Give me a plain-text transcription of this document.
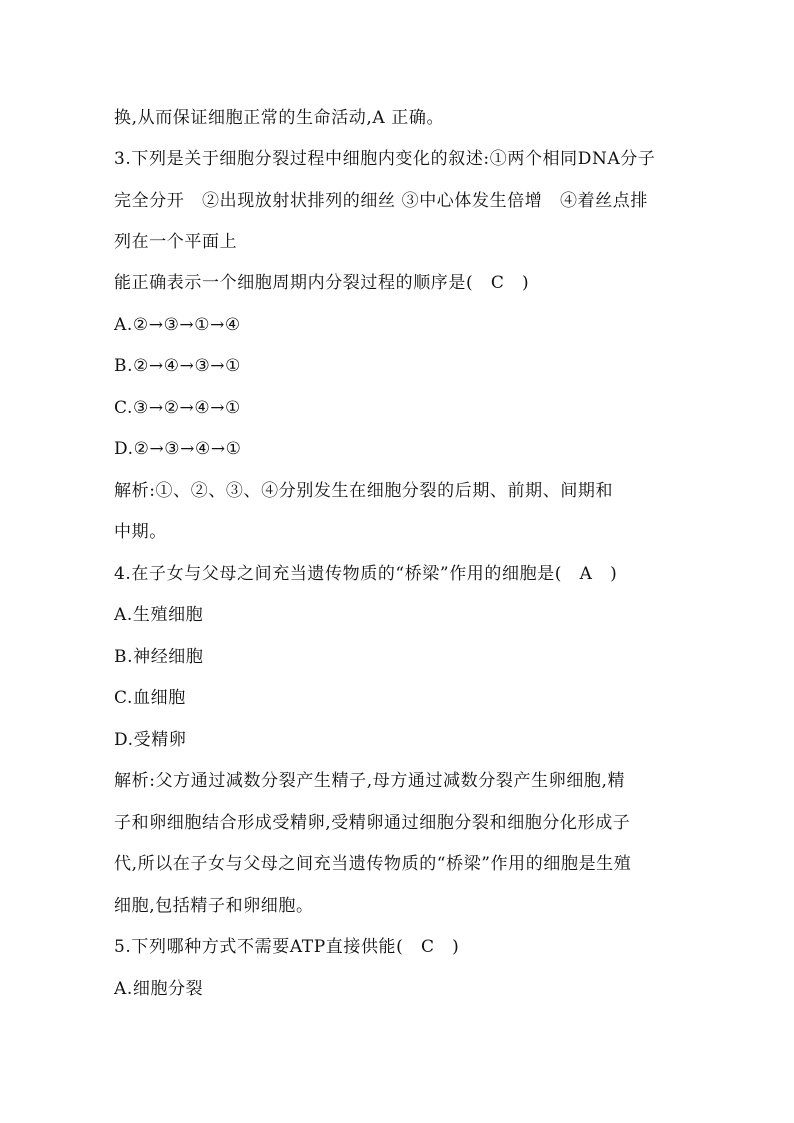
换,从而保证细胞正常的生命活动,A 正确。
3.下列是关于细胞分裂过程中细胞内变化的叙述:①两个相同DNA分子
完全分开　②出现放射状排列的细丝 ③中心体发生倍增　④着丝点排
列在一个平面上
能正确表示一个细胞周期内分裂过程的顺序是(　C　)
A.②→③→①→④
B.②→④→③→①
C.③→②→④→①
D.②→③→④→①
解析:①、②、③、④分别发生在细胞分裂的后期、前期、间期和
中期。
4.在子女与父母之间充当遗传物质的“桥梁”作用的细胞是(　A　)
A.生殖细胞
B.神经细胞
C.血细胞
D.受精卵
解析:父方通过减数分裂产生精子,母方通过减数分裂产生卵细胞,精
子和卵细胞结合形成受精卵,受精卵通过细胞分裂和细胞分化形成子
代,所以在子女与父母之间充当遗传物质的“桥梁”作用的细胞是生殖
细胞,包括精子和卵细胞。
5.下列哪种方式不需要ATP直接供能(　C　)
A.细胞分裂
